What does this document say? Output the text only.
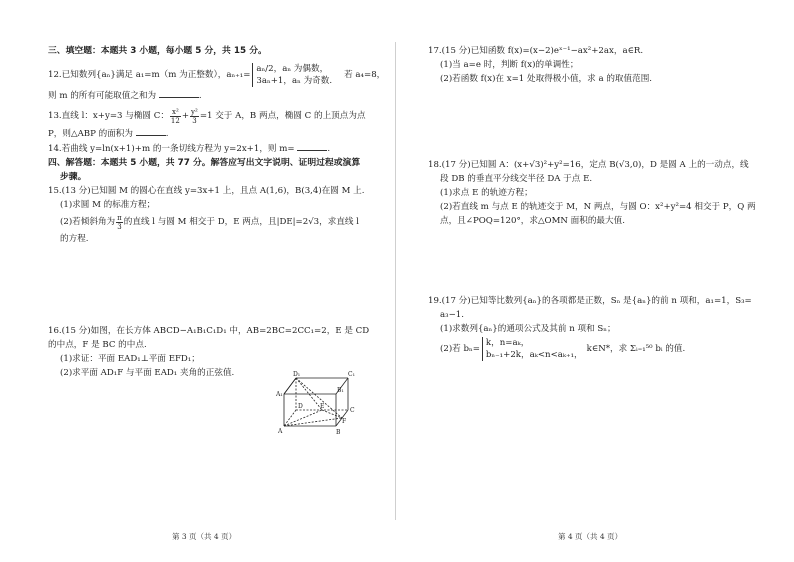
三、填空题：本题共 3 小题，每小题 5 分，共 15 分。
12.已知数列{aₙ}满足 a₁=m（m 为正整数），aₙ₊₁=
aₙ/2，aₙ 为偶数，
3aₙ+1，aₙ 为奇数.
若 a₄=8，
则 m 的所有可能取值之和为	.
13.直线 l：x+y=3 与椭圆 C： $\frac{\text{x²}}{12} + \frac{\text{y²}}{3} =1$ 交于 A，B 两点，椭圆 C 的上顶点为点
P，则△ABP 的面积为	.
14.若曲线 y=ln(x+1)+m 的一条切线方程为 y=2x+1，则 m=	.
四、解答题：本题共 5 小题，共 77 分。解答应写出文字说明、证明过程或演算
步骤。
15.(13 分)已知圆 M 的圆心在直线 y=3x+1 上，且点 A(1,6)，B(3,4)在圆 M 上.
(1)求圆 M 的标准方程；
(2)若倾斜角为 $\frac{\pi}{3}$ 的直线 l 与圆 M 相交于 D，E 两点，且|DE|=2√3，求直线 l
的方程.
16.(15 分)如图，在长方体 ABCD−A₁B₁C₁D₁ 中，AB=2BC=2CC₁=2，E 是 CD
的中点，F 是 BC 的中点.
(1)求证：平面 EAD₁⊥平面 EFD₁；
(2)求平面 AD₁F 与平面 EAD₁ 夹角的正弦值.	D₁	C₁
A₁
B₁
D	E
C
A
F
B
17.(15 分)已知函数 f(x)=(x−2)eˣ⁻¹−ax²+2ax，a∈R.
(1)当 a=e 时，判断 f(x)的单调性；
(2)若函数 f(x)在 x=1 处取得极小值，求 a 的取值范围.
18.(17 分)已知圆 A：(x+√3)²+y²=16，定点 B(√3,0)，D 是圆 A 上的一动点，线
段 DB 的垂直平分线交半径 DA 于点 E.
(1)求点 E 的轨迹方程；
(2)若直线 m 与点 E 的轨迹交于 M，N 两点，与圆 O：x²+y²=4 相交于 P，Q 两
点，且∠POQ=120°，求△OMN 面积的最大值.
19.(17 分)已知等比数列{aₙ}的各项都是正数，Sₙ 是{aₙ}的前 n 项和，a₁=1，S₃=
a₃−1.
(1)求数列{aₙ}的通项公式及其前 n 项和 Sₙ；
(2)若 bₙ=
k，n=aₖ，
bₙ₋₁+2k，aₖ<n<aₖ₊₁，
k∈N*，求 Σᵢ₌₁⁵⁰ bᵢ 的值.
第 3 页（共 4 页）	第 4 页（共 4 页）
